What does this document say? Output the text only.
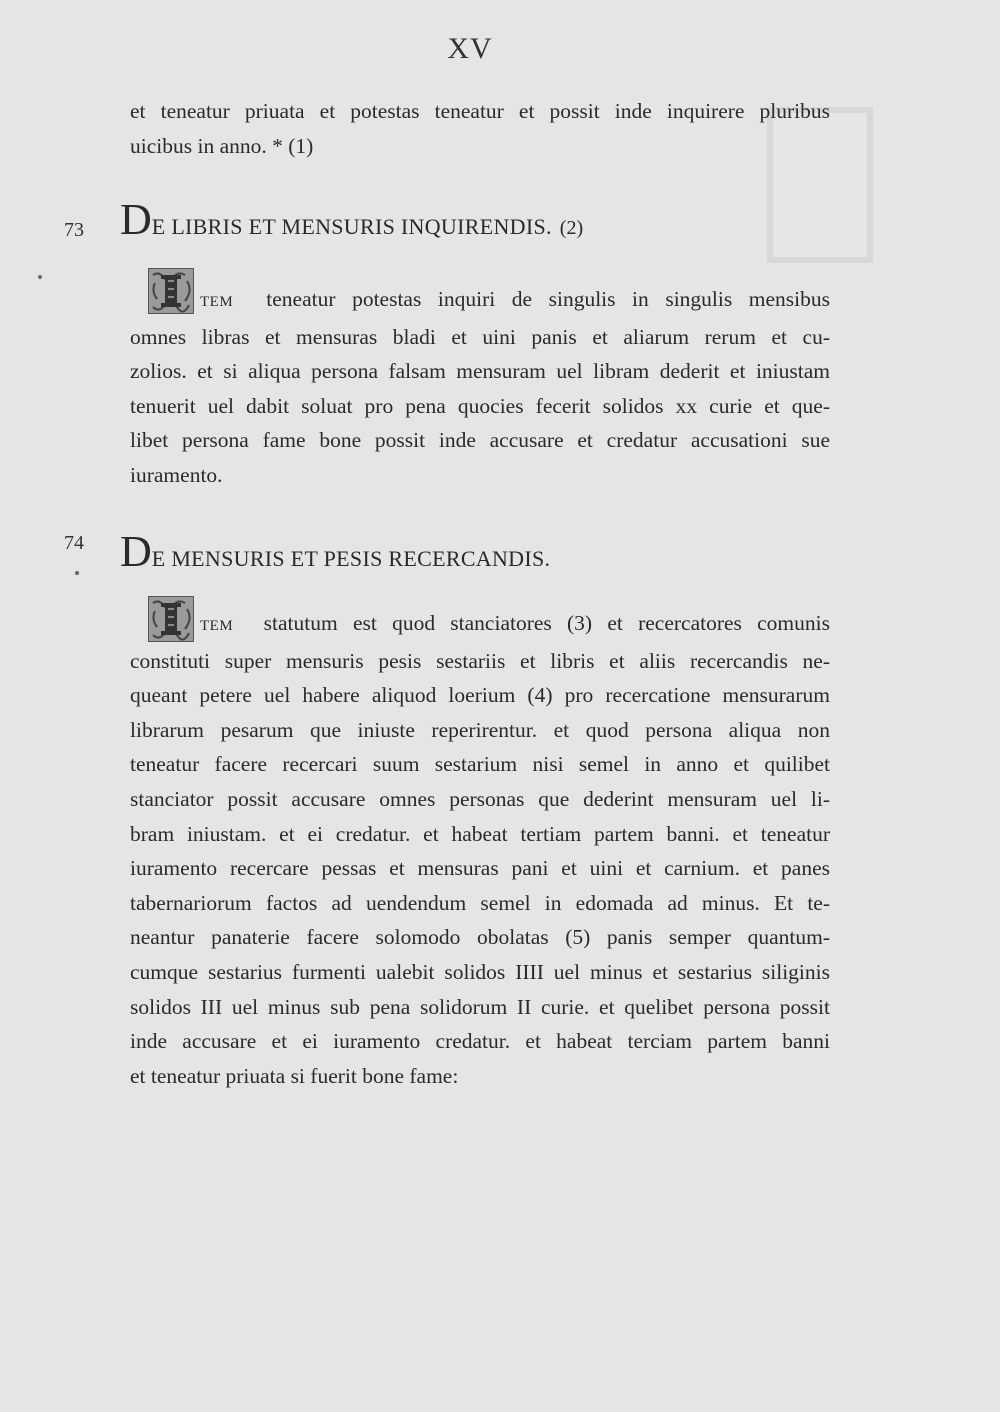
XV
et teneatur priuata et potestas teneatur et possit inde inquirere pluribus
uicibus in anno. * (1)
73 DE LIBRIS ET MENSURIS INQUIRENDIS. (2)
TEM teneatur potestas inquiri de singulis in singulis mensibus
omnes libras et mensuras bladi et uini panis et aliarum rerum et cu-
zolios. et si aliqua persona falsam mensuram uel libram dederit et iniustam
tenuerit uel dabit soluat pro pena quocies fecerit solidos xx curie et que-
libet persona fame bone possit inde accusare et credatur accusationi sue
iuramento.
74 DE MENSURIS ET PESIS RECERCANDIS.
TEM statutum est quod stanciatores (3) et recercatores comunis
constituti super mensuris pesis sestariis et libris et aliis recercandis ne-
queant petere uel habere aliquod loerium (4) pro recercatione mensurarum
librarum pesarum que iniuste reperirentur. et quod persona aliqua non
teneatur facere recercari suum sestarium nisi semel in anno et quilibet
stanciator possit accusare omnes personas que dederint mensuram uel li-
bram iniustam. et ei credatur. et habeat tertiam partem banni. et teneatur
iuramento recercare pessas et mensuras pani et uini et carnium. et panes
tabernariorum factos ad uendendum semel in edomada ad minus. Et te-
neantur panaterie facere solomodo obolatas (5) panis semper quantum-
cumque sestarius furmenti ualebit solidos IIII uel minus et sestarius siliginis
solidos III uel minus sub pena solidorum II curie. et quelibet persona possit
inde accusare et ei iuramento credatur. et habeat terciam partem banni
et teneatur priuata si fuerit bone fame:
